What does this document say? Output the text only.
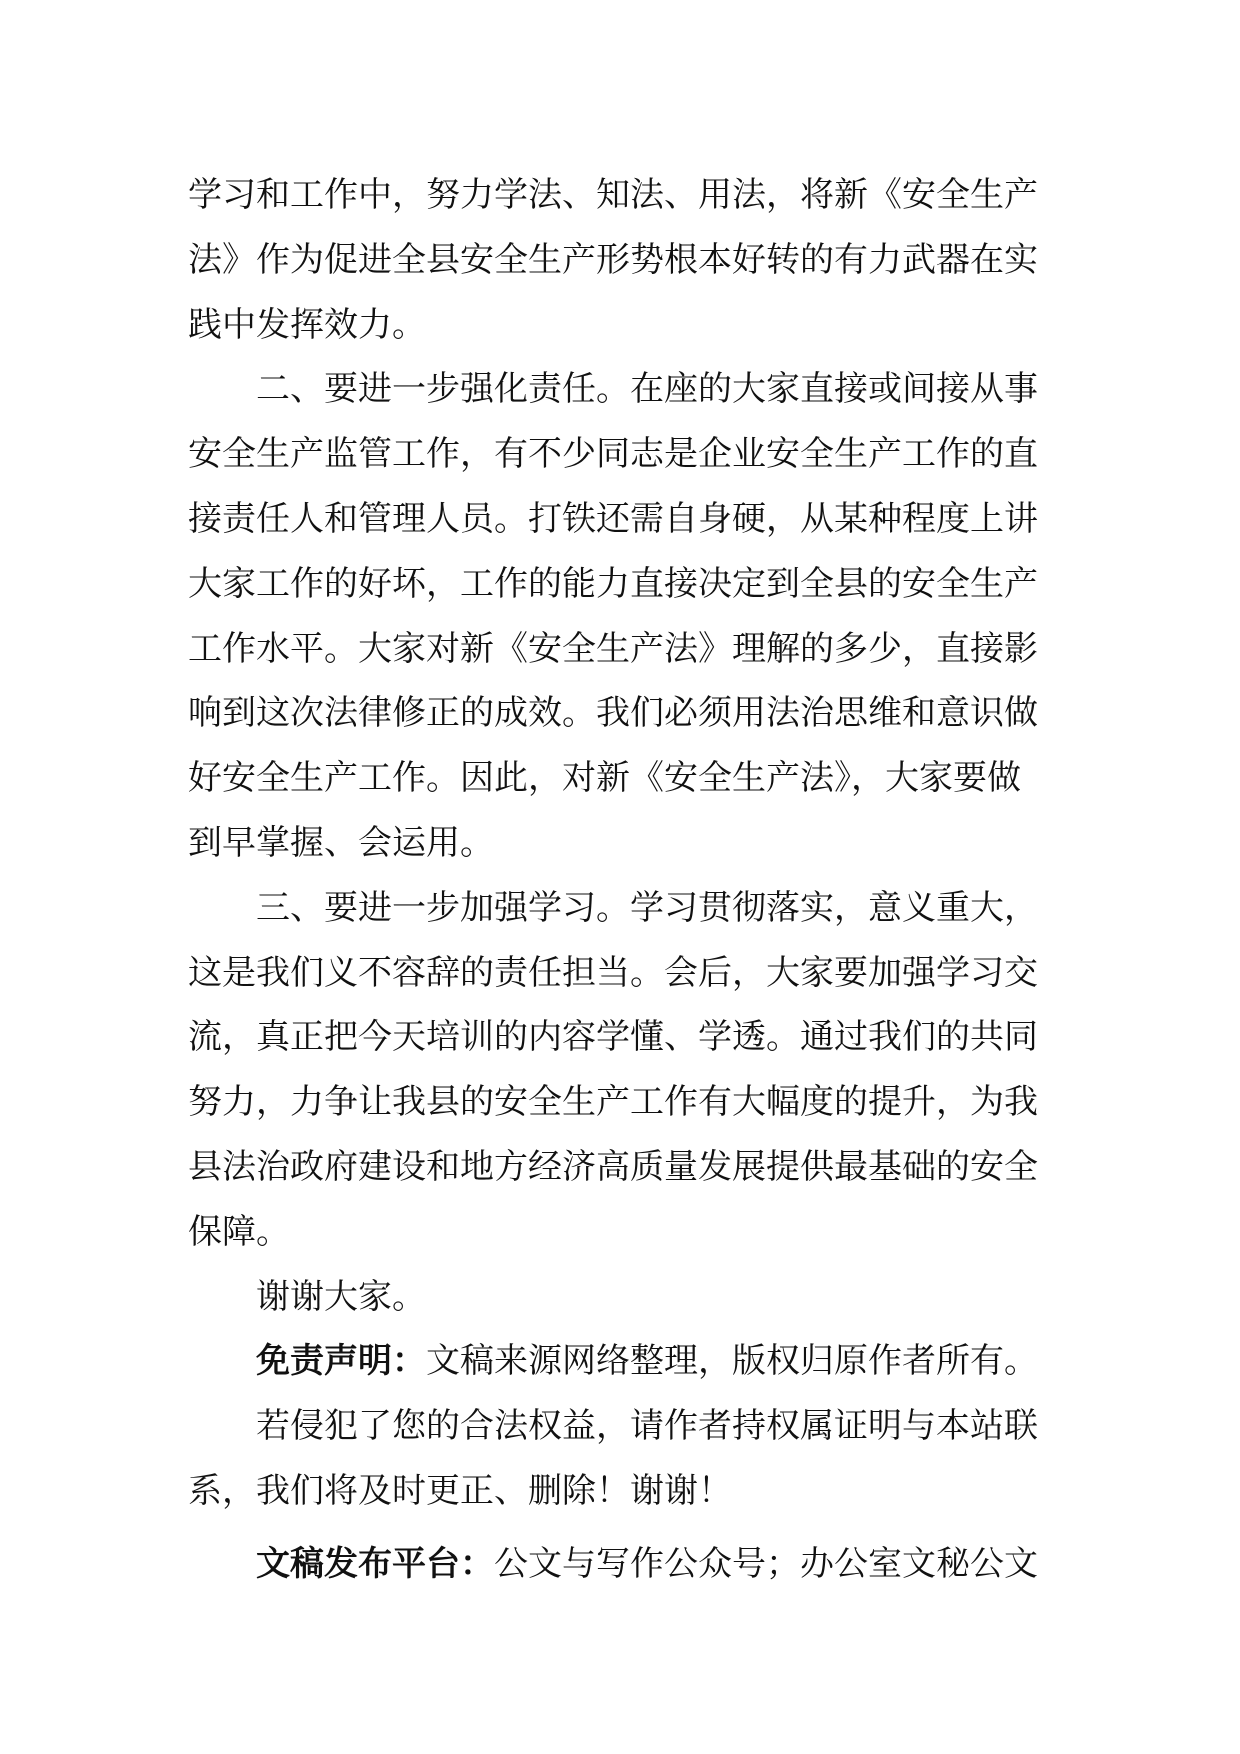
学习和工作中，努力学法、知法、用法，将新《安全生产
法》作为促进全县安全生产形势根本好转的有力武器在实
践中发挥效力。
二、要进一步强化责任。在座的大家直接或间接从事
安全生产监管工作，有不少同志是企业安全生产工作的直
接责任人和管理人员。打铁还需自身硬，从某种程度上讲
大家工作的好坏，工作的能力直接决定到全县的安全生产
工作水平。大家对新《安全生产法》理解的多少，直接影
响到这次法律修正的成效。我们必须用法治思维和意识做
好安全生产工作。因此，对新《安全生产法》，大家要做
到早掌握、会运用。
三、要进一步加强学习。学习贯彻落实，意义重大，
这是我们义不容辞的责任担当。会后，大家要加强学习交
流，真正把今天培训的内容学懂、学透。通过我们的共同
努力，力争让我县的安全生产工作有大幅度的提升，为我
县法治政府建设和地方经济高质量发展提供最基础的安全
保障。
谢谢大家。
免责声明：文稿来源网络整理，版权归原作者所有。
若侵犯了您的合法权益，请作者持权属证明与本站联
系，我们将及时更正、删除！谢谢！
文稿发布平台：公文与写作公众号；办公室文秘公文
